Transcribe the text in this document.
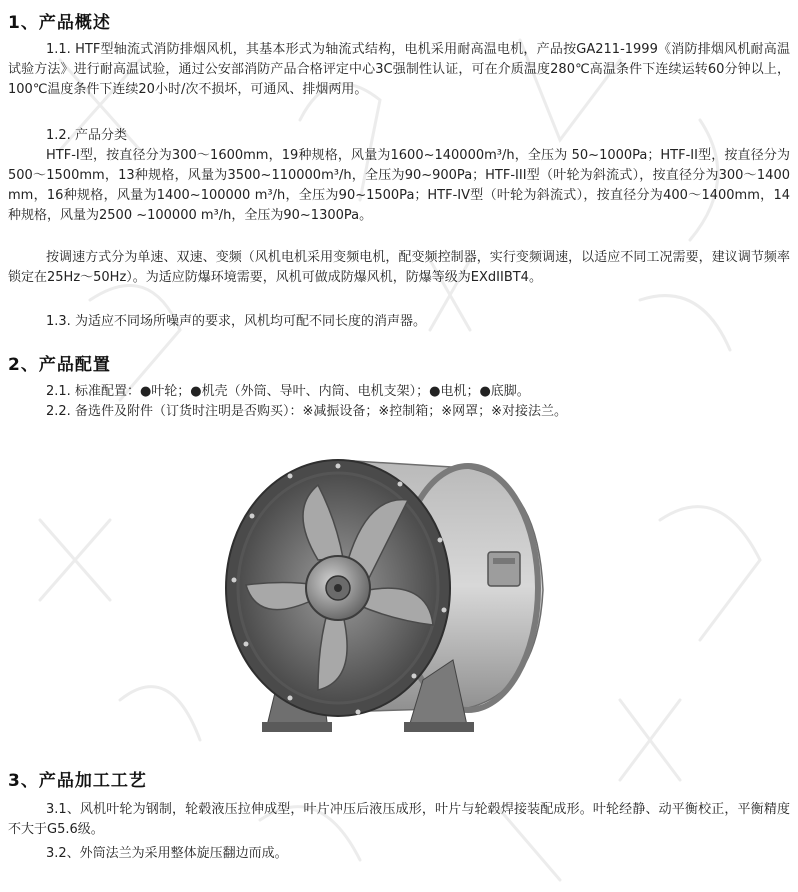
1、产品概述

1.1. HTF型轴流式消防排烟风机，其基本形式为轴流式结构，电机采用耐高温电机，产品按GA211-1999《消防排烟风机耐高温试验方法》进行耐高温试验，通过公安部消防产品合格评定中心3C强制性认证，可在介质温度280℃高温条件下连续运转60分钟以上，100℃温度条件下连续20小时/次不损坏，可通风、排烟两用。

1.2. 产品分类

HTF-I型，按直径分为300～1600mm，19种规格，风量为1600~140000m³/h，全压为 50~1000Pa；HTF-II型，按直径分为500～1500mm，13种规格，风量为3500~110000m³/h，全压为90~900Pa；HTF-III型（叶轮为斜流式），按直径分为300～1400mm，16种规格，风量为1400~100000 m³/h，全压为90~1500Pa；HTF-IV型（叶轮为斜流式），按直径分为400～1400mm，14种规格，风量为2500 ~100000 m³/h，全压为90~1300Pa。

按调速方式分为单速、双速、变频（风机电机采用变频电机，配变频控制器，实行变频调速，以适应不同工况需要，建议调节频率锁定在25Hz～50Hz）。为适应防爆环境需要，风机可做成防爆风机，防爆等级为EXdIIBT4。

1.3. 为适应不同场所噪声的要求，风机均可配不同长度的消声器。

2、产品配置

2.1. 标准配置：●叶轮；●机壳（外筒、导叶、内筒、电机支架）；●电机；●底脚。

2.2. 备选件及附件（订货时注明是否购买）：※减振设备；※控制箱；※网罩；※对接法兰。

3、产品加工工艺

3.1、风机叶轮为钢制，轮毂液压拉伸成型，叶片冲压后液压成形，叶片与轮毂焊接装配成形。叶轮经静、动平衡校正，平衡精度不大于G5.6级。

3.2、外筒法兰为采用整体旋压翻边而成。
